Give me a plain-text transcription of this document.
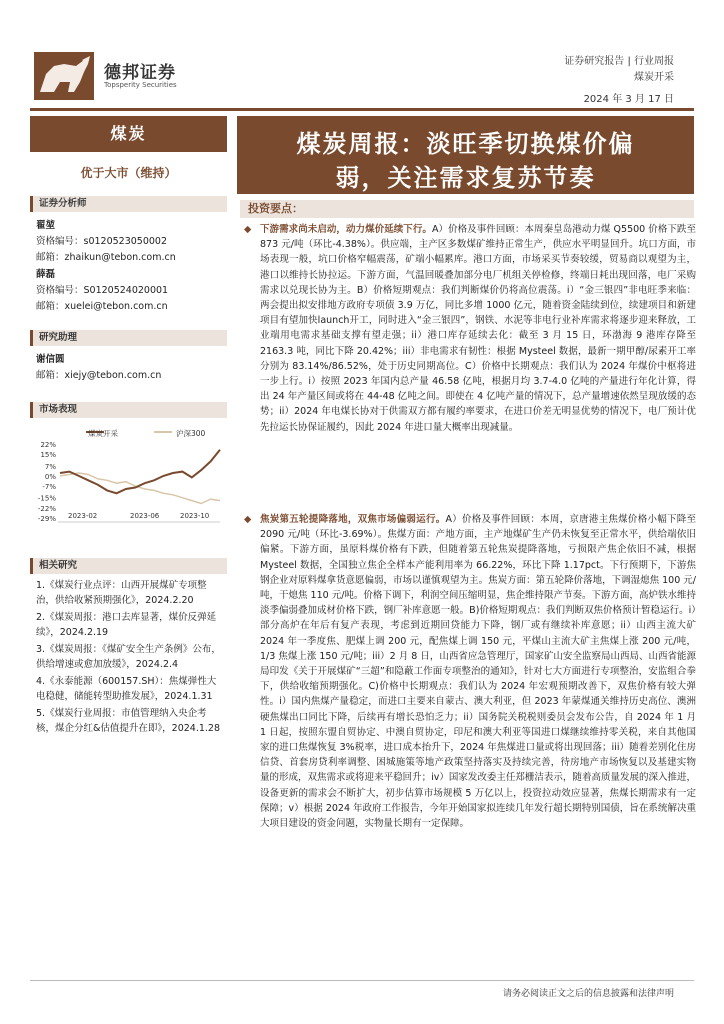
德邦证券
Topsperity Securities
证券研究报告 | 行业周报
煤炭开采
2024 年 3 月 17 日
煤炭
优于大市（维持）
证券分析师
翟堃
资格编号：s0120523050002
邮箱：zhaikun@tebon.com.cn
薛磊
资格编号：S0120524020001
邮箱：xuelei@tebon.com.cn
研究助理
谢信圆
邮箱：xiejy@tebon.com.cn
市场表现
22%
15%
7%
0%
-7%
-15%
-22%
-29% 2023-02	2023-06	2023-10
煤炭开采	沪深300
相关研究

1.《煤炭行业点评：山西开展煤矿专项整治，供给收紧预期强化》，2024.2.20

2.《煤炭周报：港口去库显著，煤价反弹延续》，2024.2.19

3.《煤炭周报：《煤矿安全生产条例》公布，供给增速或愈加放缓》，2024.2.4

4.《永泰能源（600157.SH）：焦煤弹性大电稳健，储能转型助推发展》，2024.1.31

5.《煤炭行业周报：市值管理纳入央企考核，煤企分红&估值提升在即》，2024.1.28

煤炭周报：淡旺季切换煤价偏
弱，关注需求复苏节奏
投资要点：

◆ 下游需求尚未启动，动力煤价延续下行。A）价格及事件回顾：本周秦皇岛港动力煤 Q5500 价格下跌至 873 元/吨（环比-4.38%）。供应端，主产区多数煤矿维持正常生产，供应水平明显回升。坑口方面，市场表现一般，坑口价格窄幅震荡，矿端小幅累库。港口方面，市场采买节奏较缓，贸易商以观望为主，港口以维持长协拉运。下游方面，气温回暖叠加部分电厂机组关停检修，终端日耗出现回落，电厂采购需求以兑现长协为主。B）价格短期观点：我们判断煤价仍将高位震荡。i）“金三银四”非电旺季来临：两会提出拟安排地方政府专项债 3.9 万亿，同比多增 1000 亿元，随着资金陆续到位，续建项目和新建项目有望加快launch开工，同时进入“金三银四”，钢铁、水泥等非电行业补库需求将逐步迎来释放，工业端用电需求基础支撑有望走强；ii）港口库存延续去化：截至 3 月 15 日，环渤海 9 港库存降至 2163.3 吨，同比下降 20.42%；iii）非电需求有韧性：根据 Mysteel 数据，最新一期甲醇/尿素开工率分别为 83.14%/86.52%，处于历史同期高位。C）价格中长期观点：我们认为 2024 年煤价中枢将进一步上行。i）按照 2023 年国内总产量 46.58 亿吨，根据月均 3.7-4.0 亿吨的产量进行年化计算，得出 24 年产量区间或将在 44-48 亿吨之间。即使在 4 亿吨产量的情况下，总产量增速依然呈现放缓的态势；ii）2024 年电煤长协对于供需双方都有履约率要求，在进口价差无明显优势的情况下，电厂预计优先拉运长协保证履约，因此 2024 年进口量大概率出现减量。

◆ 焦炭第五轮提降落地，双焦市场偏弱运行。A）价格及事件回顾：本周，京唐港主焦煤价格小幅下降至 2090 元/吨（环比-3.69%）。焦煤方面：产地方面，主产地煤矿生产仍未恢复至正常水平，供给端依旧偏紧。下游方面，虽原料煤价格有下跌，但随着第五轮焦炭提降落地，亏损限产焦企依旧不减，根据 Mysteel 数据，全国独立焦企全样本产能利用率为 66.22%，环比下降 1.17pct。下行预期下，下游焦钢企业对原料煤拿货意愿偏弱，市场以谨慎观望为主。焦炭方面：第五轮降价落地，下调湿熄焦 100 元/吨，干熄焦 110 元/吨。价格下调下，利润空间压缩明显，焦企维持限产节奏。下游方面，高炉铁水维持淡季偏弱叠加成材价格下跌，钢厂补库意愿一般。B)价格短期观点：我们判断双焦价格预计暂稳运行。i）部分高炉在年后有复产表现，考虑到近期回贷能力下降，钢厂或有继续补库意愿；ii）山西主流大矿 2024 年一季度焦、肥煤上调 200 元，配焦煤上调 150 元，平煤山主流大矿主焦煤上涨 200 元/吨，1/3 焦煤上涨 150 元/吨；iii）2 月 8 日，山西省应急管理厅，国家矿山安全监察局山西局、山西省能源局印发《关于开展煤矿“三超”和隐蔽工作面专项整治的通知》，针对七大方面进行专项整治，安监组合拳下，供给收缩预期强化。C)价格中长期观点：我们认为 2024 年宏观预期改善下，双焦价格有较大弹性。i）国内焦煤产量稳定，而进口主要来自蒙古、澳大利亚，但 2023 年蒙煤通关维持历史高位、澳洲硬焦煤出口同比下降，后续再有增长恐怕乏力；ii）国务院关税税则委员会发布公告，自 2024 年 1 月 1 日起，按照东盟自贸协定、中澳自贸协定，印尼和澳大利亚等国进口煤继续维持零关税，来自其他国家的进口焦煤恢复 3%税率，进口成本抬升下，2024 年焦煤进口量或将出现回落；iii）随着差别化住房信贷、首套房贷利率调整、困城施策等地产政策坚持落实及持续完善，待房地产市场恢复以及基建实物量的形成，双焦需求或将迎来平稳回升；iv）国家发改委主任郑栅洁表示，随着高质量发展的深入推进，设备更新的需求会不断扩大，初步估算市场规模 5 万亿以上，投资拉动效应显著，焦煤长期需求有一定保障；v）根据 2024 年政府工作报告，今年开始国家拟连续几年发行超长期特别国债，旨在系统解决重大项目建设的资金问题，实物量长期有一定保障。

请务必阅读正文之后的信息披露和法律声明
